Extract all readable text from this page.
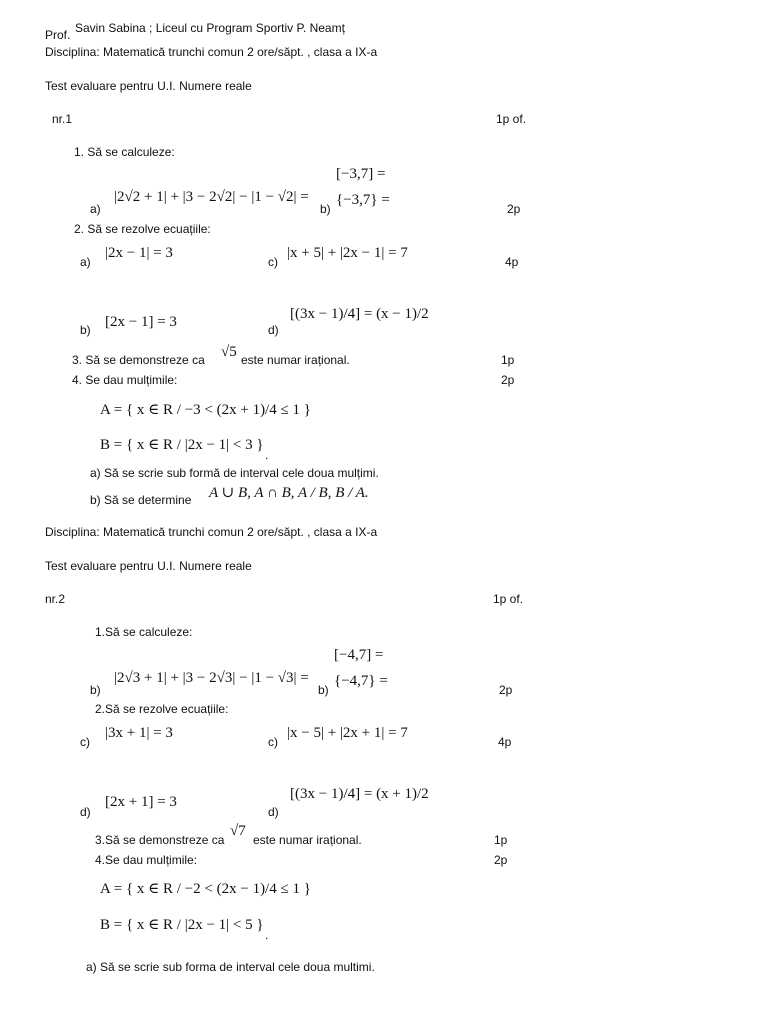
Prof. Savin Sabina ; Liceul cu Program Sportiv P. Neamț
Disciplina: Matematică trunchi comun 2 ore/săpt. , clasa a IX-a
Test evaluare pentru U.I. Numere reale
nr.1	1p of.
1. Să se calculeze:
a)
|2√2 + 1| + |3 − 2√2| − |1 − √2| =
b)
[−3,7] =
{−3,7} =
2p
2. Să se rezolve ecuațiile:
a)
|2x − 1| = 3
c)
|x + 5| + |2x − 1| = 7
4p
b) [2x − 1] = 3	d)
[(3x − 1)/4] = (x − 1)/2
3. Să se demonstreze ca √5 este numar irațional.	1p
4. Se dau mulțimile:	2p
A = { x ∈ R / −3 < (2x + 1)/4 ≤ 1 }
B = { x ∈ R / |2x − 1| < 3 }
.
a) Să se scrie sub formă de interval cele doua mulțimi.
b) Să se determine A ∪ B, A ∩ B, A / B, B / A.
Disciplina: Matematică trunchi comun 2 ore/săpt. , clasa a IX-a
Test evaluare pentru U.I. Numere reale
nr.2	1p of.
1.Să se calculeze:
b)
|2√3 + 1| + |3 − 2√3| − |1 − √3| =
b)
[−4,7] =
{−4,7} =
2p
2.Să se rezolve ecuațiile:
c)
|3x + 1| = 3
c)
|x − 5| + |2x + 1| = 7
4p
d)
[2x + 1] = 3
d)
[(3x − 1)/4] = (x + 1)/2
3.Să se demonstreze ca
√7
este numar irațional.	1p
4.Se dau mulțimile:	2p
A = { x ∈ R / −2 < (2x − 1)/4 ≤ 1 }
B = { x ∈ R / |2x − 1| < 5 }
.
a) Să se scrie sub forma de interval cele doua multimi.
